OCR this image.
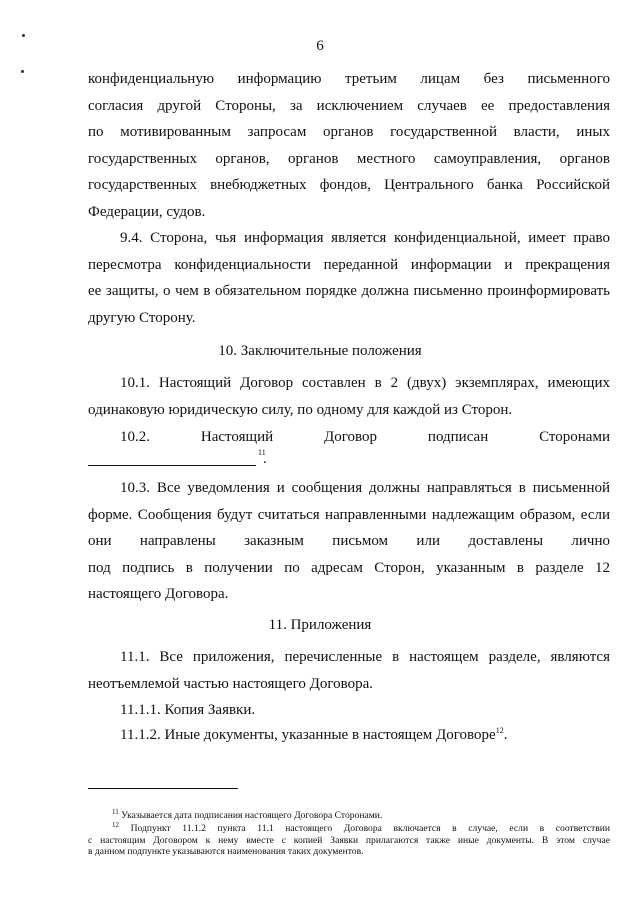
6
конфиденциальную информацию третьим лицам без письменного
согласия другой Стороны, за исключением случаев ее предоставления
по мотивированным запросам органов государственной власти, иных
государственных органов, органов местного самоуправления, органов
государственных внебюджетных фондов, Центрального банка Российской
Федерации, судов.
9.4. Сторона, чья информация является конфиденциальной, имеет право
пересмотра конфиденциальности переданной информации и прекращения
ее защиты, о чем в обязательном порядке должна письменно проинформировать
другую Сторону.
10. Заключительные положения
10.1. Настоящий Договор составлен в 2 (двух) экземплярах, имеющих
одинаковую юридическую силу, по одному для каждой из Сторон.
10.2. Настоящий Договор подписан Сторонами
11
.
10.3. Все уведомления и сообщения должны направляться в письменной
форме. Сообщения будут считаться направленными надлежащим образом, если
они направлены заказным письмом или доставлены лично
под подпись в получении по адресам Сторон, указанным в разделе 12
настоящего Договора.
11. Приложения
11.1. Все приложения, перечисленные в настоящем разделе, являются
неотъемлемой частью настоящего Договора.
11.1.1. Копия Заявки.
11.1.2. Иные документы, указанные в настоящем Договоре$^{12}$.
$^{11}$ Указывается дата подписания настоящего Договора Сторонами.
$^{12}$ Подпункт 11.1.2 пункта 11.1 настоящего Договора включается в случае, если в соответствии
с настоящим Договором к нему вместе с копией Заявки прилагаются также иные документы. В этом случае
в данном подпункте указываются наименования таких документов.
